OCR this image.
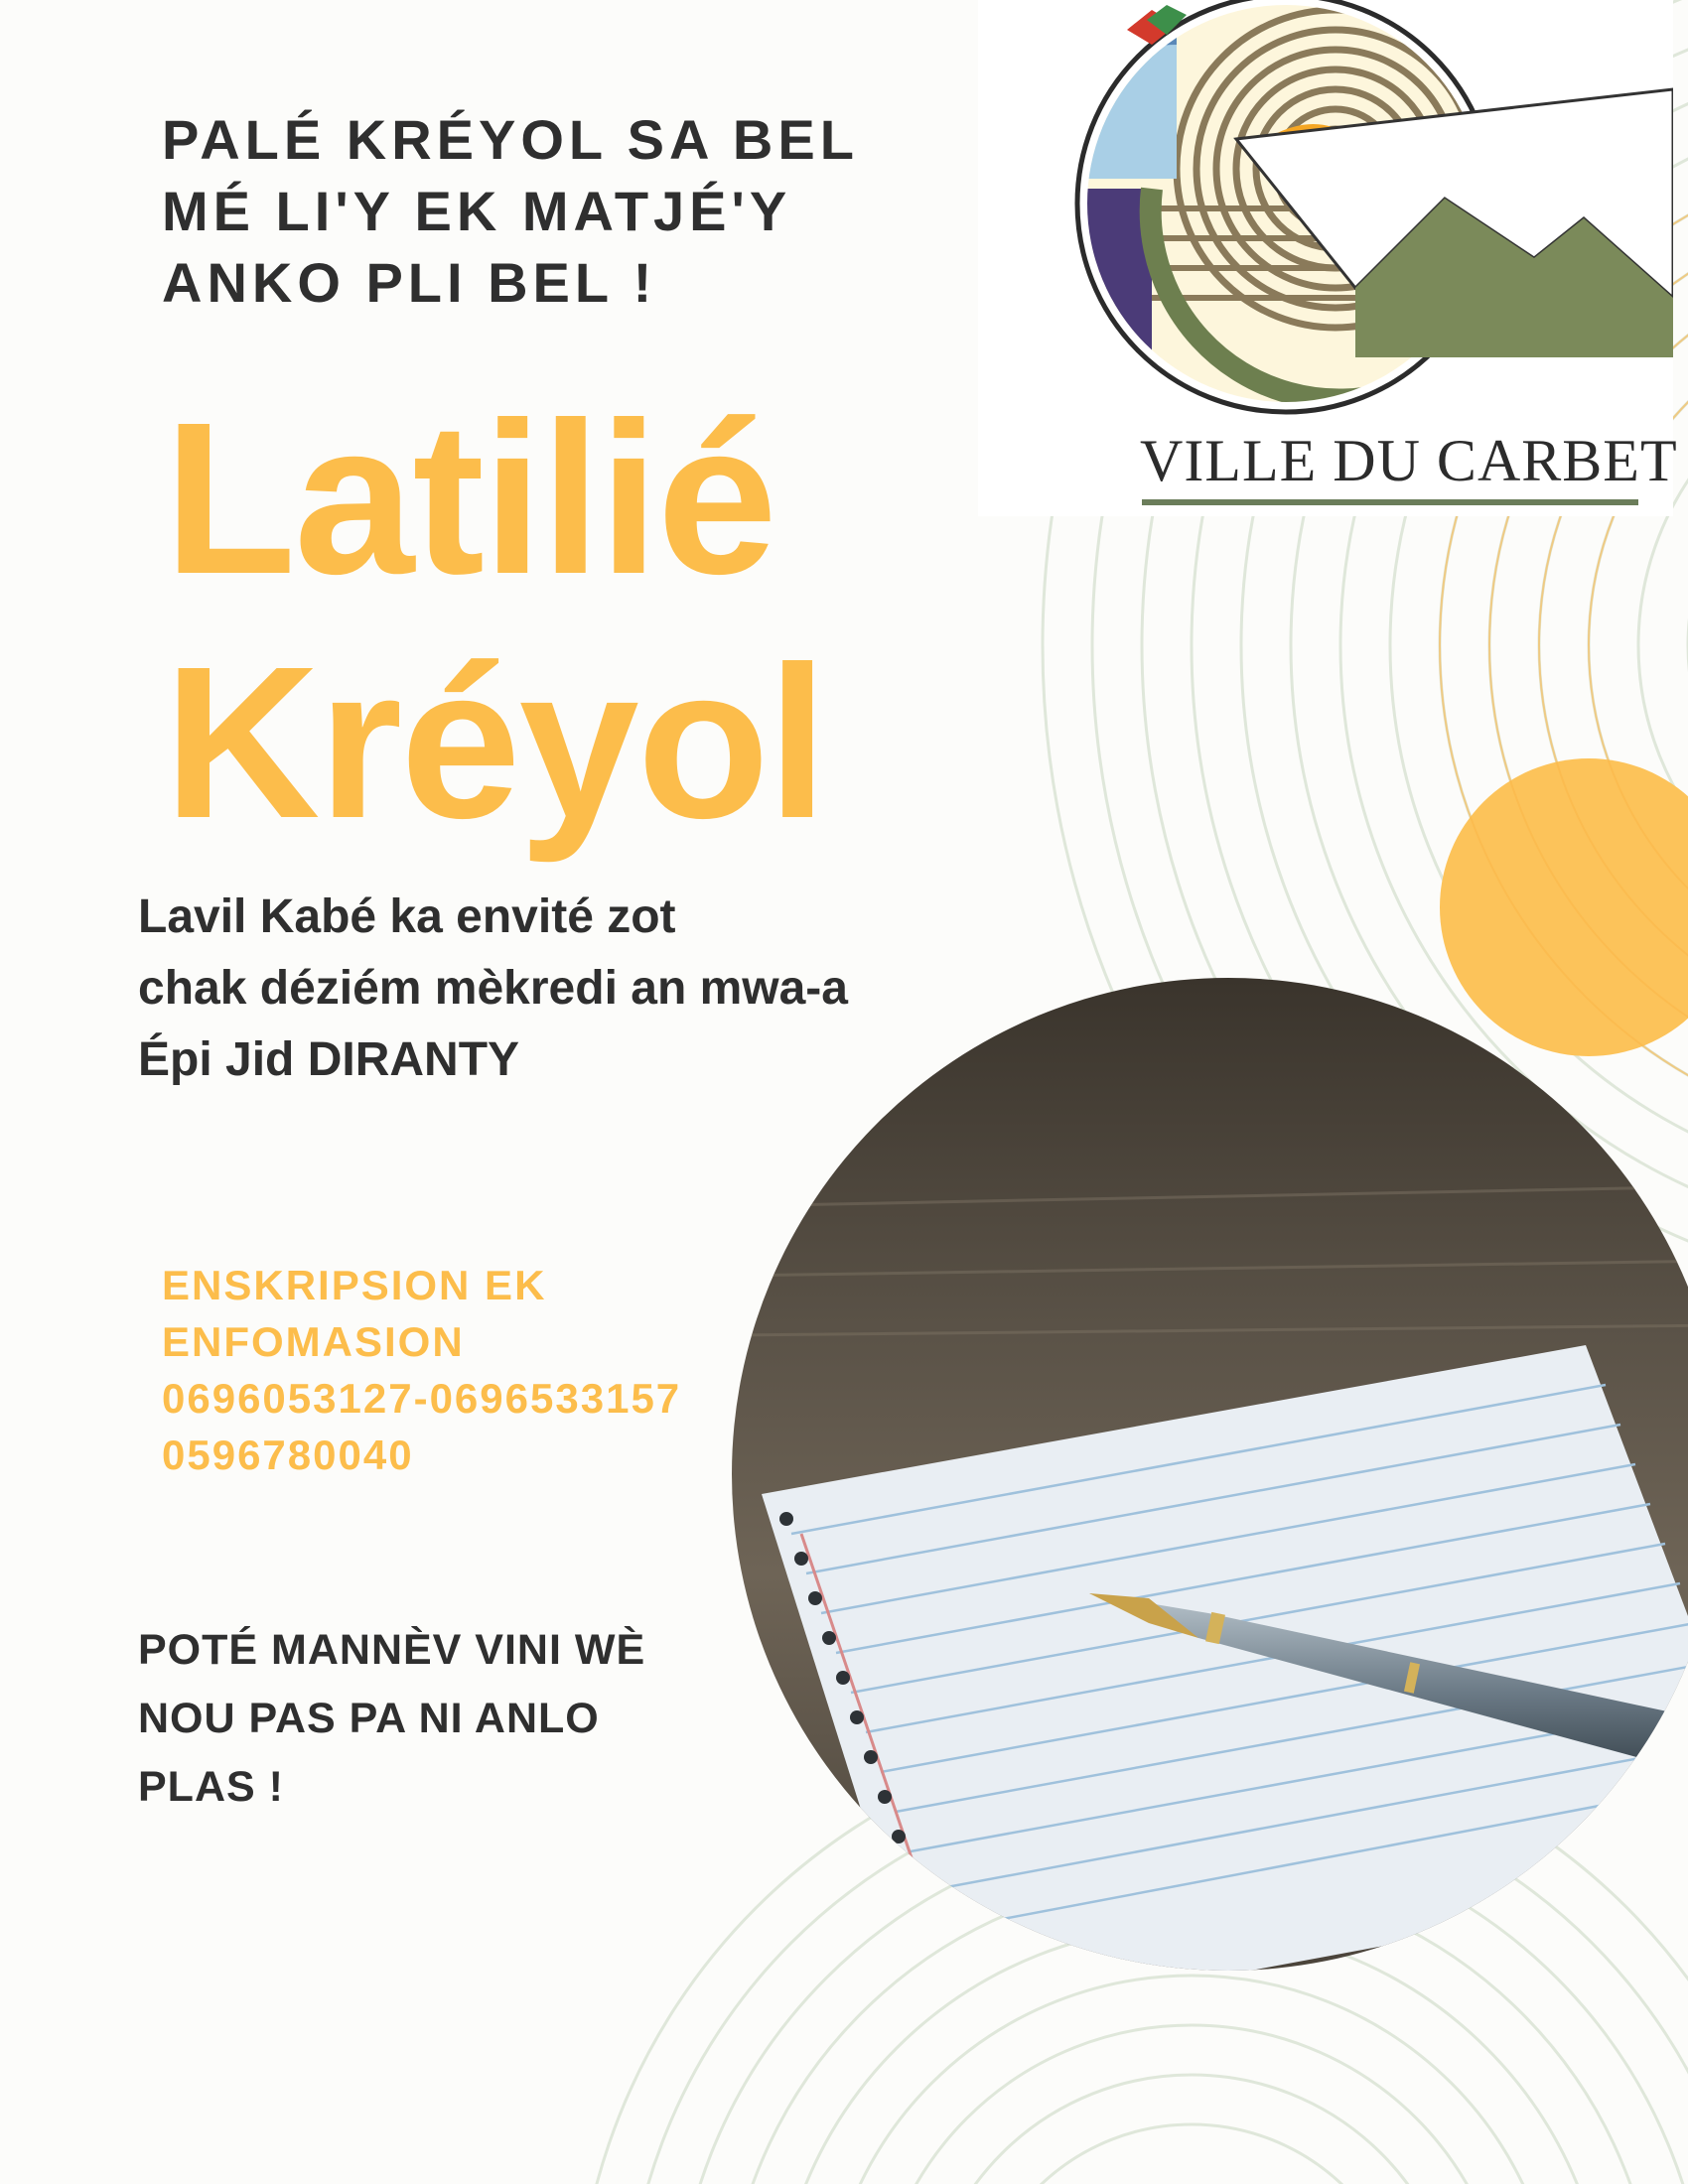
PALÉ KRÉYOL SA BEL
MÉ LI'Y EK MATJÉ'Y
ANKO PLI BEL !
Latilié
Kréyol
Lavil Kabé ka envité zot
chak déziém mèkredi an mwa-a
Épi Jid DIRANTY
ENSKRIPSION EK
ENFOMASION
0696053127-0696533157
0596780040
POTÉ MANNÈV VINI WÈ
NOU PAS PA NI ANLO
PLAS !
VILLE DU CARBET
